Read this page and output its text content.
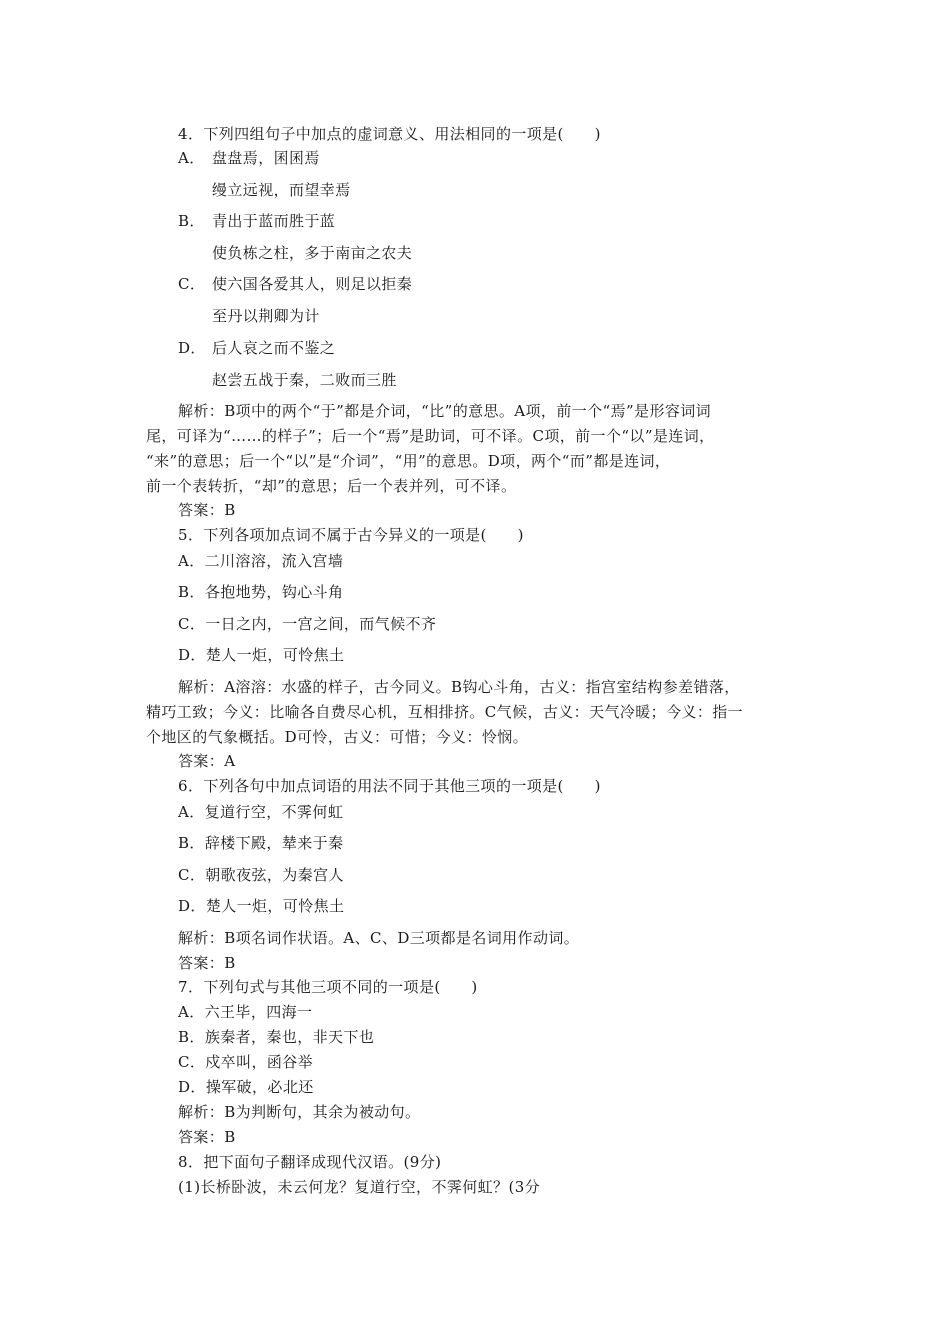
4．下列四组句子中加点的虚词意义、用法相同的一项是(　　)
A． 盘盘焉，囷囷焉
缦立远视，而望幸焉
B． 青出于蓝而胜于蓝
使负栋之柱，多于南亩之农夫
C． 使六国各爱其人，则足以拒秦
至丹以荆卿为计
D． 后人哀之而不鉴之
赵尝五战于秦，二败而三胜
解析：B项中的两个“于”都是介词，“比”的意思。A项，前一个“焉”是形容词词
尾，可译为“……的样子”；后一个“焉”是助词，可不译。C项，前一个“以”是连词，
“来”的意思；后一个“以”是“介词”，“用”的意思。D项，两个“而”都是连词，
前一个表转折，“却”的意思；后一个表并列，可不译。
答案：B
5．下列各项加点词不属于古今异义的一项是(　　)
A．二川溶溶，流入宫墙
B．各抱地势，钩心斗角
C．一日之内，一宫之间，而气候不齐
D．楚人一炬，可怜焦土
解析：A溶溶：水盛的样子，古今同义。B钩心斗角，古义：指宫室结构参差错落，
精巧工致；今义：比喻各自费尽心机，互相排挤。C气候，古义：天气冷暖；今义：指一
个地区的气象概括。D可怜，古义：可惜；今义：怜悯。
答案：A
6．下列各句中加点词语的用法不同于其他三项的一项是(　　)
A．复道行空，不霁何虹
B．辞楼下殿，辇来于秦
C．朝歌夜弦，为秦宫人
D．楚人一炬，可怜焦土
解析：B项名词作状语。A、C、D三项都是名词用作动词。
答案：B
7．下列句式与其他三项不同的一项是(　　)
A．六王毕，四海一
B．族秦者，秦也，非天下也
C．戍卒叫，函谷举
D．操军破，必北还
解析：B为判断句，其余为被动句。
答案：B
8．把下面句子翻译成现代汉语。(9分)
(1)长桥卧波，未云何龙？复道行空，不霁何虹？(3分
